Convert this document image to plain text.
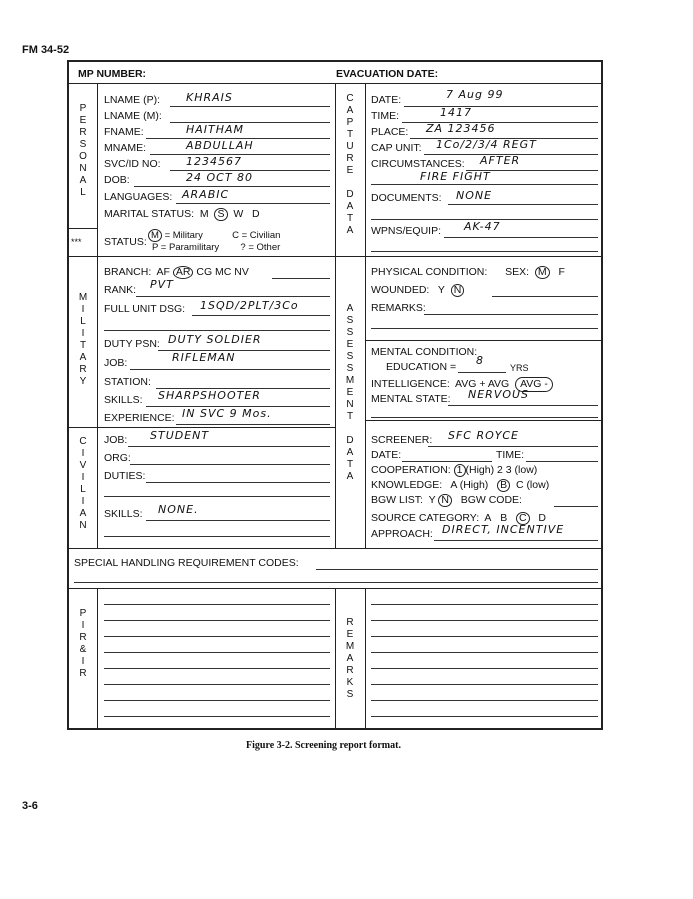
FM 34-52
MP NUMBER:	EVACUATION DATE:
P
E
R
S
O
N
A
L
C
A
P
T
U
R
E

D
A
T
A
M
I
L
I
T
A
R
Y
A
S
S
E
S
S
M
E
N
T

D
A
T
A
C
I
V
I
L
I
A
N
P
I
R
&
I
R
R
E
M
A
R
K
S
***
LNAME (P): KHRAIS
LNAME (M):
FNAME:	HAITHAM
MNAME:	ABDULLAH
SVC/ID NO: 1234567
DOB:	24 OCT 80
LANGUAGES: ARABIC
MARITAL STATUS: M S W D
STATUS:
M = Military	C = Civilian
P = Paramilitary ? = Other
DATE:	7 Aug 99
TIME:	1417
PLACE: ZA 123456
CAP UNIT: 1Co/2/3/4 REGT
CIRCUMSTANCES: AFTER
FIRE FIGHT
DOCUMENTS: NONE
WPNS/EQUIP: AK-47
BRANCH: AF AR CG MC NV
RANK: PVT
FULL UNIT DSG: 1SQD/2PLT/3Co
DUTY PSN: DUTY SOLDIER
JOB:	RIFLEMAN
STATION:
SKILLS: SHARPSHOOTER
EXPERIENCE: IN SVC 9 Mos.
PHYSICAL CONDITION: SEX: M F
WOUNDED: Y N
REMARKS:
MENTAL CONDITION:
EDUCATION = 8
YRS
INTELLIGENCE: AVG + AVG AVG -
MENTAL STATE: NERVOUS
SCREENER: SFC ROYCE
DATE:	TIME:
COOPERATION: 1 (High) 2 3 (low)
KNOWLEDGE: A (High) B C (low)
BGW LIST: Y N BGW CODE:
SOURCE CATEGORY: A B C D
APPROACH: DIRECT, INCENTIVE
JOB: STUDENT
ORG:
DUTIES:
SKILLS: NONE.
SPECIAL HANDLING REQUIREMENT CODES:
Figure 3-2. Screening report format.
3-6
